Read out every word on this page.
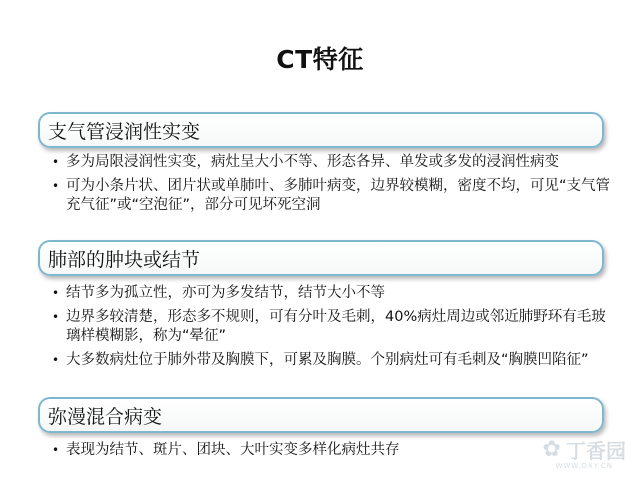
CT特征
支气管浸润性实变
• 多为局限浸润性实变，病灶呈大小不等、形态各异、单发或多发的浸润性病变
• 可为小条片状、团片状或单肺叶、多肺叶病变，边界较模糊，密度不均，可见“支气管充气征”或“空泡征”，部分可见坏死空洞
肺部的肿块或结节
• 结节多为孤立性，亦可为多发结节，结节大小不等
• 边界多较清楚，形态多不规则，可有分叶及毛刺，40%病灶周边或邻近肺野环有毛玻璃样模糊影，称为“晕征”
• 大多数病灶位于肺外带及胸膜下，可累及胸膜。个别病灶可有毛刺及“胸膜凹陷征”
弥漫混合病变
• 表现为结节、斑片、团块、大叶实变多样化病灶共存	✿ 丁香园
WWW.DXY.CN
